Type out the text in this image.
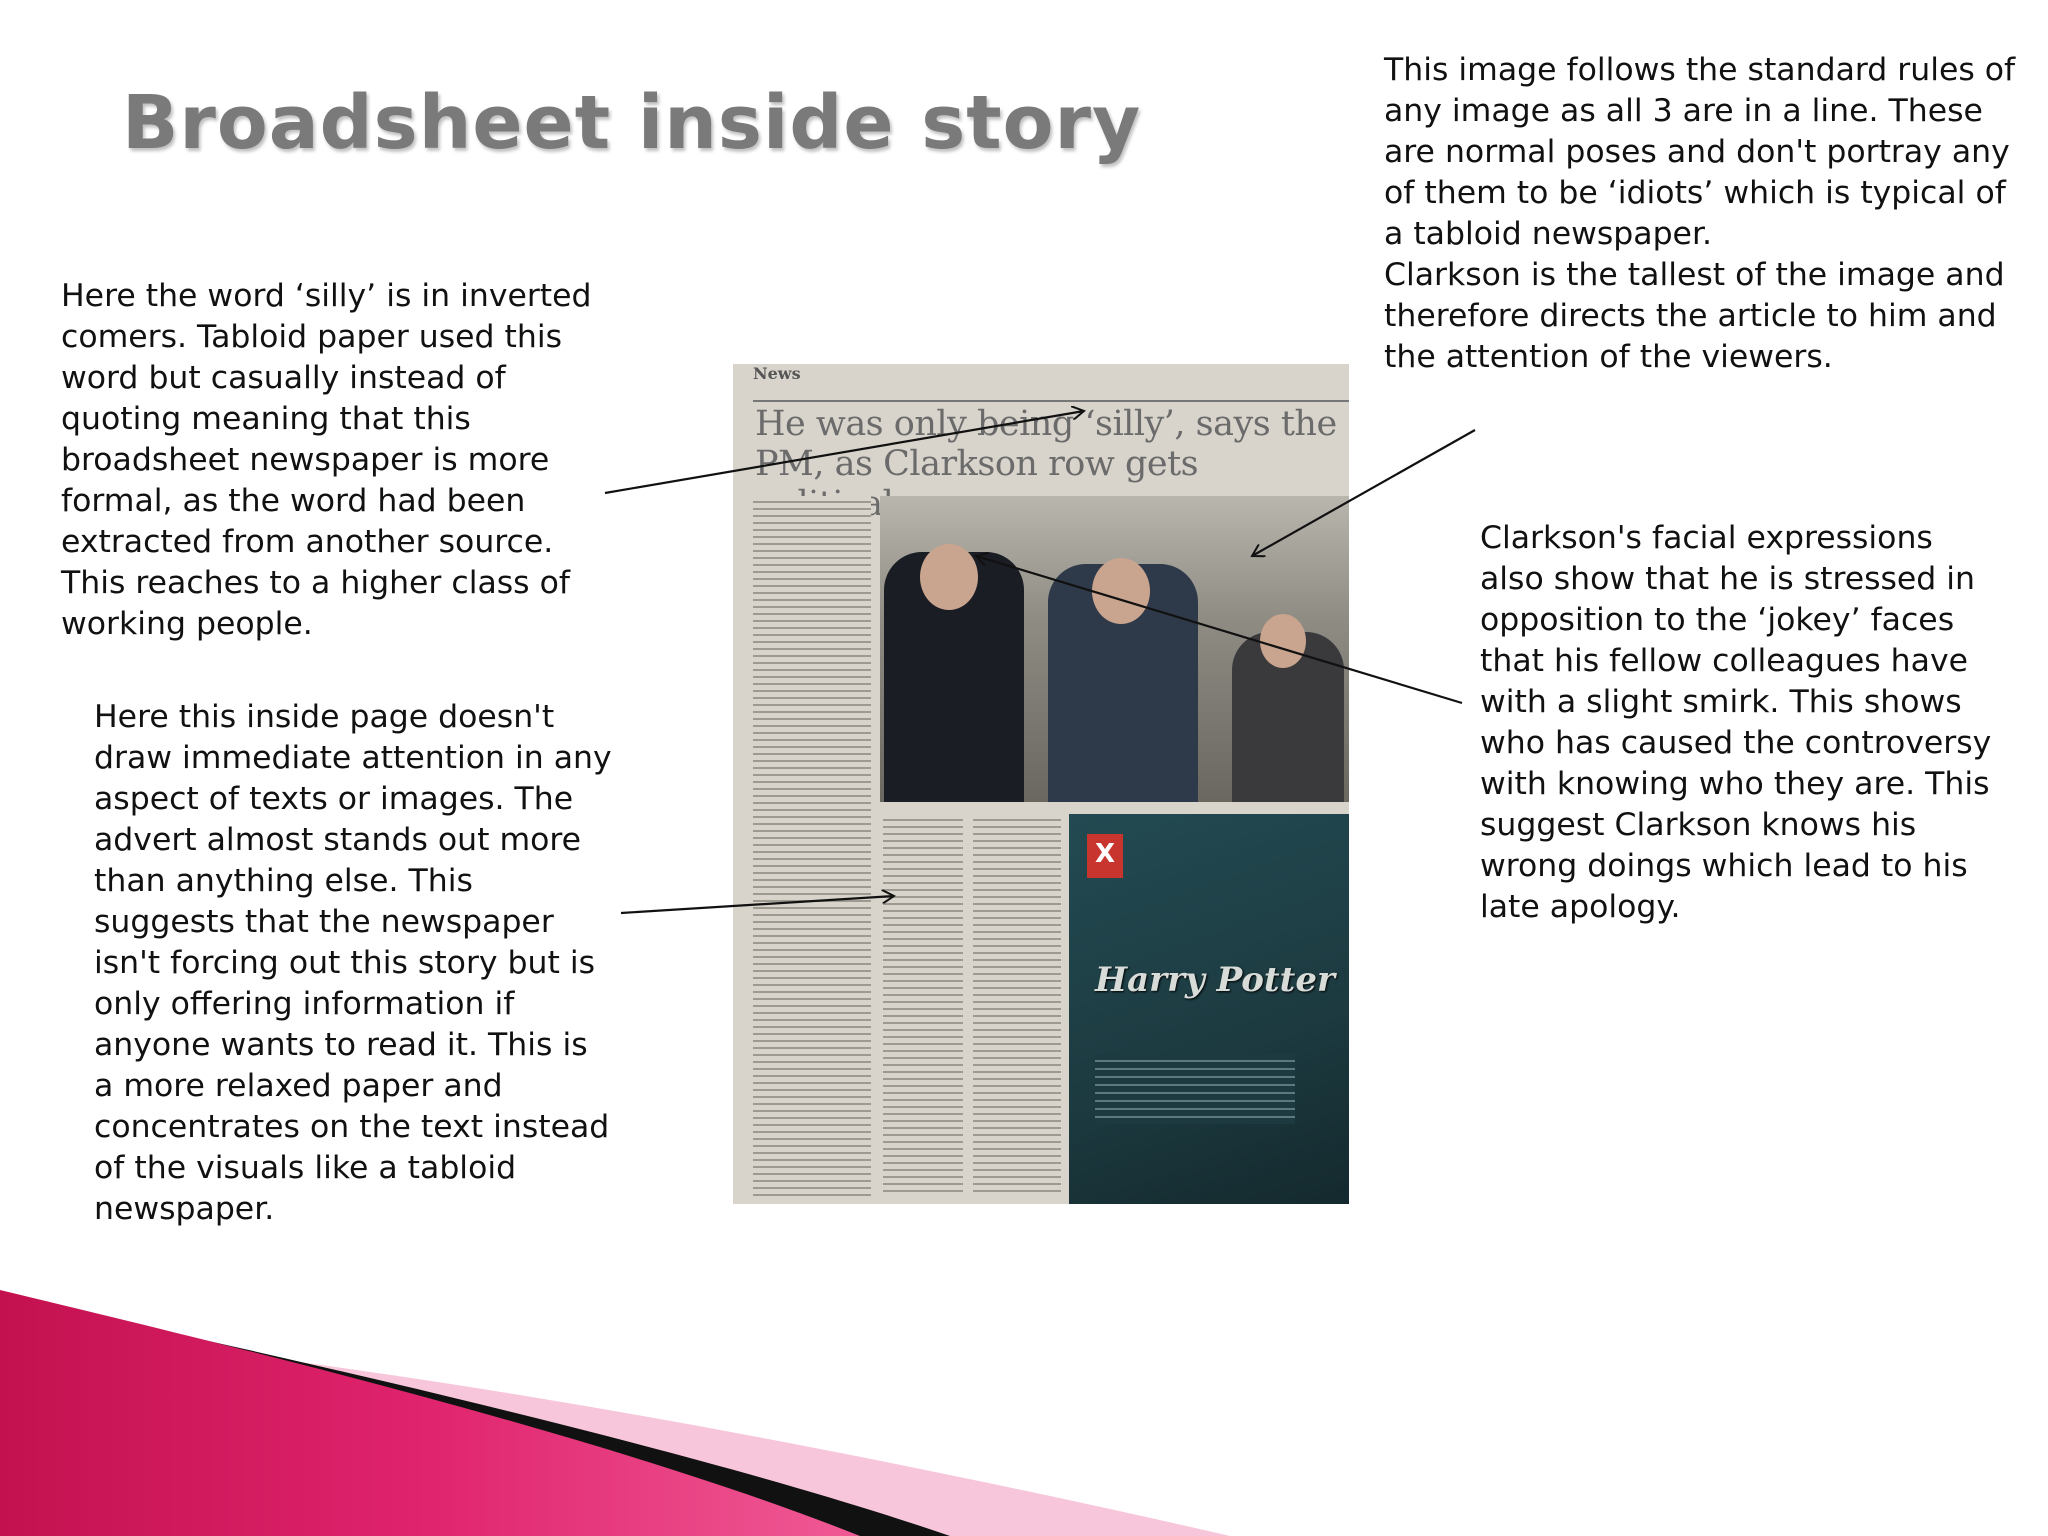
Broadsheet inside story
Here the word ‘silly’ is in inverted comers. Tabloid paper used this word but casually instead of quoting meaning that this broadsheet newspaper is more formal, as the word had been extracted from another source. This reaches to a higher class of working people.
Here this inside page doesn't draw immediate attention in any aspect of texts or images. The advert almost stands out more than anything else. This suggests that the newspaper isn't forcing out this story but is only offering information if anyone wants to read it. This is a more relaxed paper and concentrates on the text instead of the visuals like a tabloid newspaper.
This image follows the standard rules of any image as all 3 are in a line. These are normal poses and don't portray any of them to be ‘idiots’ which is typical of a tabloid newspaper.
Clarkson is the tallest of the image and therefore directs the article to him and the attention of the viewers.
Clarkson's facial expressions also show that he is stressed in opposition to the ‘jokey’ faces that his fellow colleagues have with a slight smirk. This shows who has caused the controversy with knowing who they are. This suggest Clarkson knows his wrong doings which lead to his late apology.
News
He was only being ‘silly’, says the PM, as Clarkson row gets
X
Harry Potter
